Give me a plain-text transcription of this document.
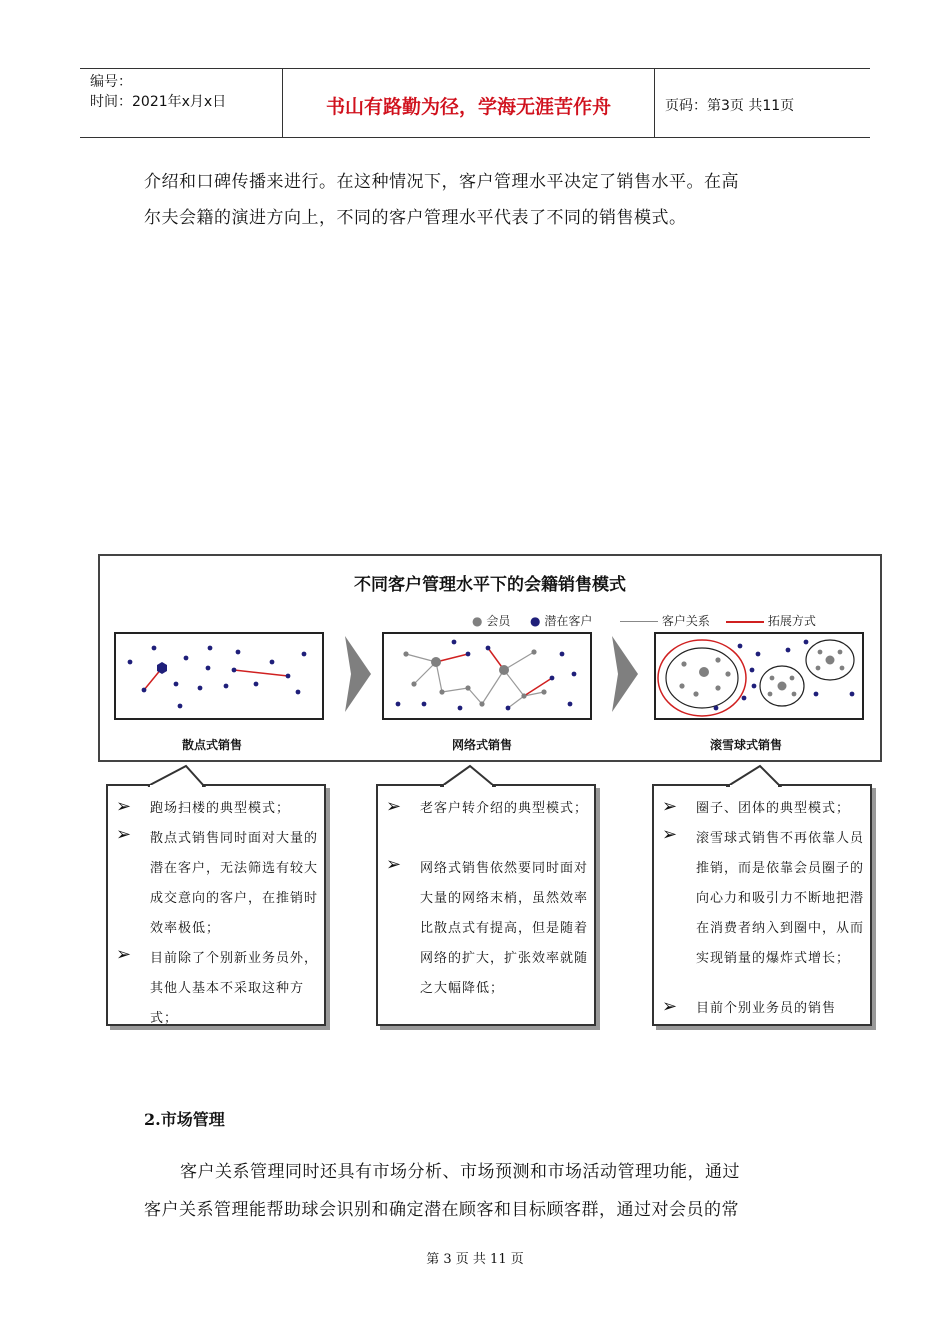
编号：
时间：2021年x月x日	书山有路勤为径，学海无涯苦作舟	页码：第3页 共11页
介绍和口碑传播来进行。在这种情况下，客户管理水平决定了销售水平。在高
尔夫会籍的演进方向上，不同的客户管理水平代表了不同的销售模式。
不同客户管理水平下的会籍销售模式
● 会员 ● 潜在客户	客户关系	拓展方式
散点式销售	网络式销售	滚雪球式销售
➢ 跑场扫楼的典型模式；
➢ 散点式销售同时面对大量的潜在客户，无法筛选有较大成交意向的客户，在推销时效率极低；
➢ 目前除了个别新业务员外，其他人基本不采取这种方式；
➢ 老客户转介绍的典型模式；
➢ 网络式销售依然要同时面对大量的网络末梢，虽然效率比散点式有提高，但是随着网络的扩大，扩张效率就随之大幅降低；
➢ 圈子、团体的典型模式；
➢ 滚雪球式销售不再依靠人员推销，而是依靠会员圈子的向心力和吸引力不断地把潜在消费者纳入到圈中，从而实现销量的爆炸式增长；
➢ 目前个别业务员的销售
2.市场管理
客户关系管理同时还具有市场分析、市场预测和市场活动管理功能，通过
客户关系管理能帮助球会识别和确定潜在顾客和目标顾客群，通过对会员的常
第 3 页 共 11 页
